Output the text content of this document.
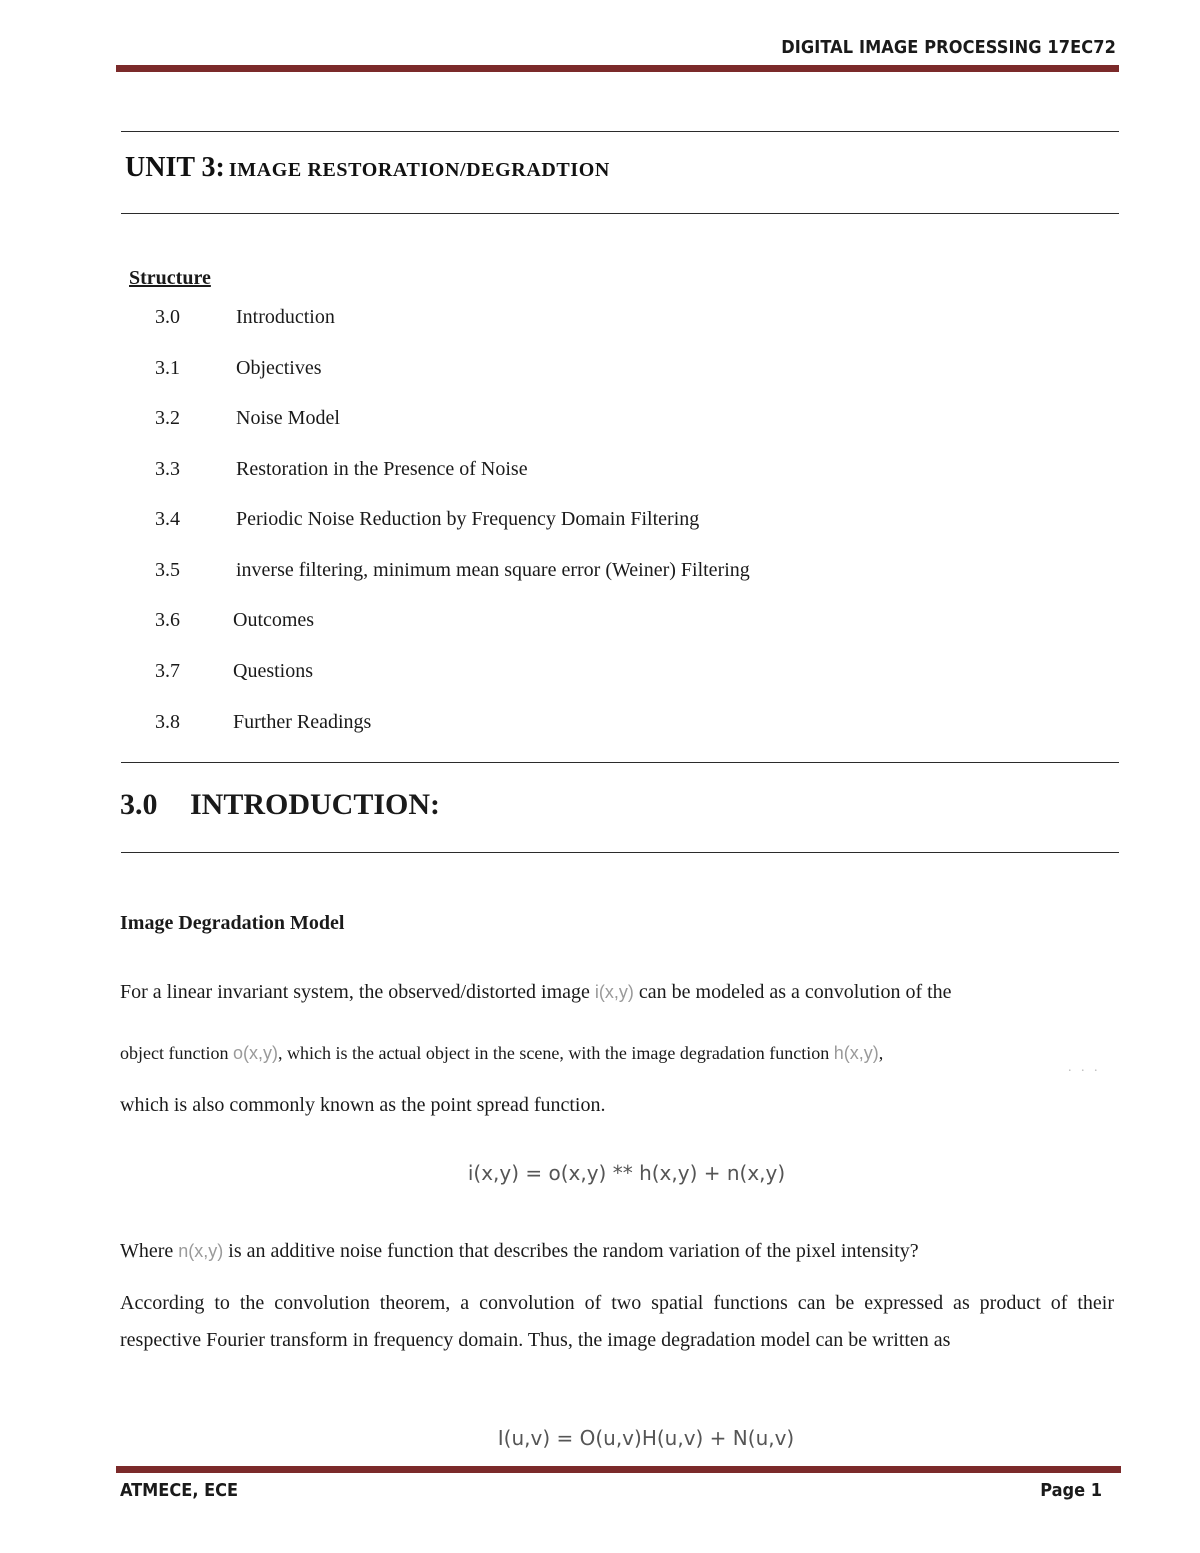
DIGITAL IMAGE PROCESSING 17EC72
UNIT 3: IMAGE RESTORATION/DEGRADTION
Structure
3.0	Introduction
3.1	Objectives
3.2	Noise Model
3.3	Restoration in the Presence of Noise
3.4	Periodic Noise Reduction by Frequency Domain Filtering
3.5	inverse filtering, minimum mean square error (Weiner) Filtering
3.6	Outcomes
3.7	Questions
3.8	Further Readings
3.0 INTRODUCTION:
Image Degradation Model
For a linear invariant system, the observed/distorted image i(x,y) can be modeled as a convolution of the
object function o(x,y), which is the actual object in the scene, with the image degradation function h(x,y),
. . .
which is also commonly known as the point spread function.
i(x,y) = o(x,y) ** h(x,y) + n(x,y)
Where n(x,y) is an additive noise function that describes the random variation of the pixel intensity?
According to the convolution theorem, a convolution of two spatial functions can be expressed as product of their respective Fourier transform in frequency domain. Thus, the image degradation model can be written as
I(u,v) = O(u,v)H(u,v) + N(u,v)
ATMECE, ECE	Page 1
